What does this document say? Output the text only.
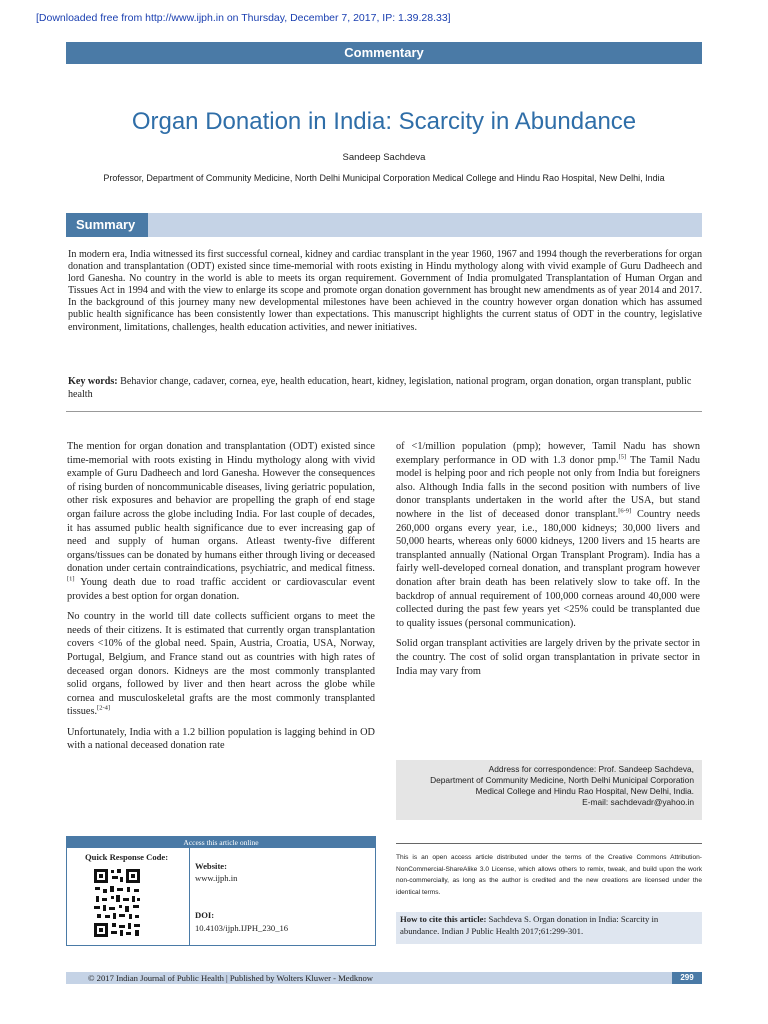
[Downloaded free from http://www.ijph.in on Thursday, December 7, 2017, IP: 1.39.28.33]
Commentary
Organ Donation in India: Scarcity in Abundance
Sandeep Sachdeva
Professor, Department of Community Medicine, North Delhi Municipal Corporation Medical College and Hindu Rao Hospital, New Delhi, India
Summary
In modern era, India witnessed its first successful corneal, kidney and cardiac transplant in the year 1960, 1967 and 1994 though the reverberations for organ donation and transplantation (ODT) existed since time-memorial with roots existing in Hindu mythology along with vivid example of Guru Dadheech and lord Ganesha. No country in the world is able to meets its organ requirement. Government of India promulgated Transplantation of Human Organ and Tissues Act in 1994 and with the view to enlarge its scope and promote organ donation government has brought new amendments as of year 2014 and 2017. In the background of this journey many new developmental milestones have been achieved in the country however organ donation which has assumed public health significance has been consistently lower than expectations. This manuscript highlights the current status of ODT in the country, legislative environment, limitations, challenges, health education activities, and newer initiatives.
Key words: Behavior change, cadaver, cornea, eye, health education, heart, kidney, legislation, national program, organ donation, organ transplant, public health

The mention for organ donation and transplantation (ODT) existed since time-memorial with roots existing in Hindu mythology along with vivid example of Guru Dadheech and lord Ganesha. However the consequences of rising burden of noncommunicable diseases, living geriatric population, other risk exposures and behavior are propelling the graph of end stage organ failure across the globe including India. For last couple of decades, it has assumed public health significance due to ever increasing gap of need and supply of human organs. Atleast twenty-five different organs/tissues can be donated by humans either through living or deceased donation under certain contraindications, psychiatric, and medical fitness.[1] Young death due to road traffic accident or cardiovascular event provides a best option for organ donation.

No country in the world till date collects sufficient organs to meet the needs of their citizens. It is estimated that currently organ transplantation covers <10% of the global need. Spain, Austria, Croatia, USA, Norway, Portugal, Belgium, and France stand out as countries with high rates of deceased organ donors. Kidneys are the most commonly transplanted solid organs, followed by liver and then heart across the globe while cornea and musculoskeletal grafts are the most commonly transplanted tissues.[2-4]

Unfortunately, India with a 1.2 billion population is lagging behind in OD with a national deceased donation rate

of <1/million population (pmp); however, Tamil Nadu has shown exemplary performance in OD with 1.3 donor pmp.[5] The Tamil Nadu model is helping poor and rich people not only from India but foreigners also. Although India falls in the second position with numbers of live donor transplants undertaken in the world after the USA, but stand nowhere in the list of deceased donor transplant.[6-9] Country needs 260,000 organs every year, i.e., 180,000 kidneys; 30,000 livers and 50,000 hearts, whereas only 6000 kidneys, 1200 livers and 15 hearts are transplanted annually (National Organ Transplant Program). India has a fairly well-developed corneal donation, and transplant program however donation after brain death has been relatively slow to take off. In the backdrop of annual requirement of 100,000 corneas around 40,000 were collected during the past few years yet <25% could be transplanted due to quality issues (personal communication).

Solid organ transplant activities are largely driven by the private sector in the country. The cost of solid organ transplantation in private sector in India may vary from

Address for correspondence: Prof. Sandeep Sachdeva,
Department of Community Medicine, North Delhi Municipal Corporation
Medical College and Hindu Rao Hospital, New Delhi, India.
E-mail: sachdevadr@yahoo.in
Access this article online
Quick Response Code:
Website:
www.ijph.in
DOI:
10.4103/ijph.IJPH_230_16
This is an open access article distributed under the terms of the Creative Commons Attribution-NonCommercial-ShareAlike 3.0 License, which allows others to remix, tweak, and build upon the work non-commercially, as long as the author is credited and the new creations are licensed under the identical terms.
How to cite this article: Sachdeva S. Organ donation in India: Scarcity in abundance. Indian J Public Health 2017;61:299-301.
© 2017 Indian Journal of Public Health | Published by Wolters Kluwer - Medknow	299
